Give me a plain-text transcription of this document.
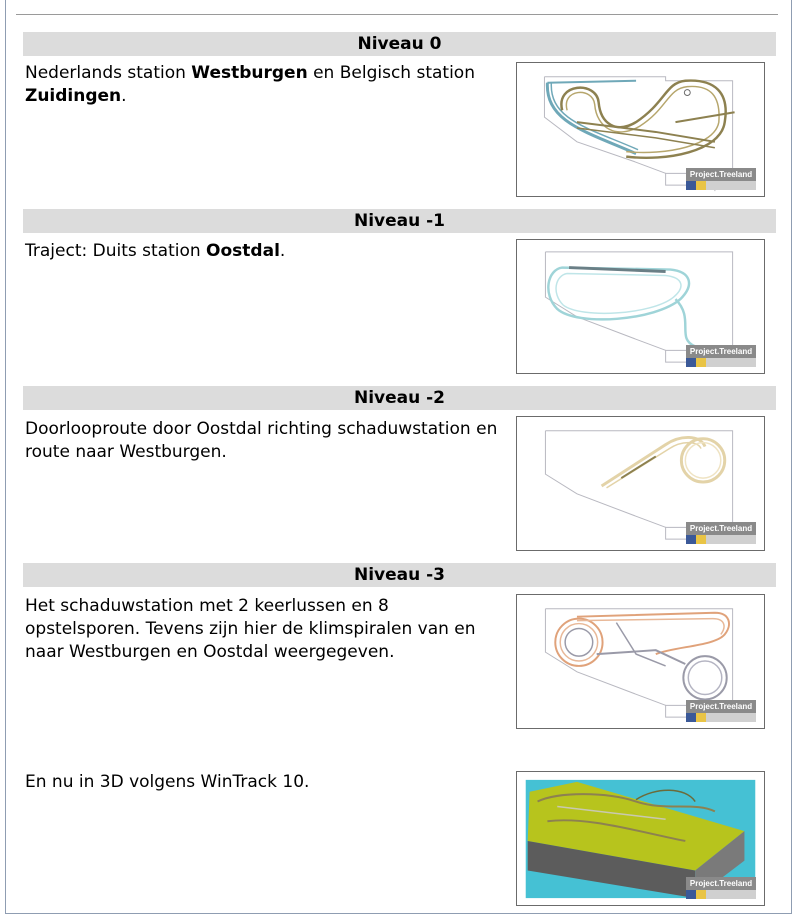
Niveau 0
Nederlands station Westburgen en Belgisch station Zuidingen.
Project.Treeland
Niveau -1
Traject: Duits station Oostdal.
Project.Treeland
Niveau -2
Doorlooproute door Oostdal richting schaduwstation en route naar Westburgen.
Project.Treeland
Niveau -3
Het schaduwstation met 2 keerlussen en 8 opstelsporen. Tevens zijn hier de klimspiralen van en naar Westburgen en Oostdal weergegeven.
Project.Treeland
En nu in 3D volgens WinTrack 10.
Project.Treeland
